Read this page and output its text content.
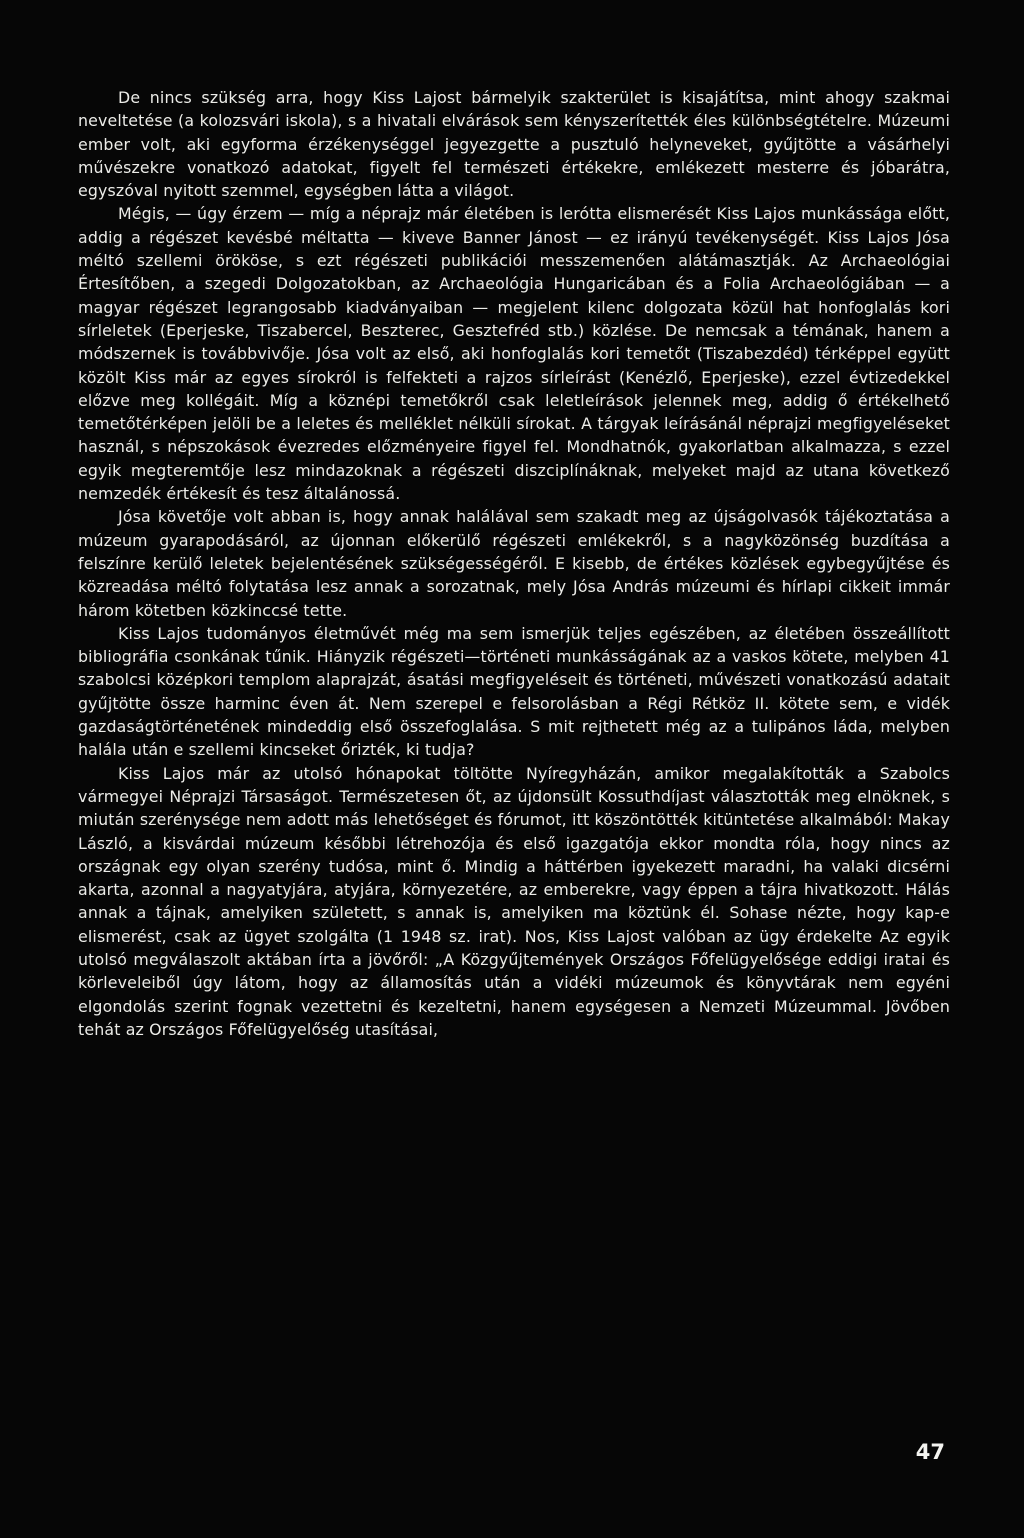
De nincs szükség arra, hogy Kiss Lajost bármelyik szakterület is kisajátítsa, mint ahogy szakmai neveltetése (a kolozsvári iskola), s a hivatali elvárások sem kényszerítették éles különbségtételre. Múzeumi ember volt, aki egyforma érzékenységgel jegyezgette a pusztuló helyneveket, gyűjtötte a vásárhelyi művészekre vonatkozó adatokat, figyelt fel természeti értékekre, emlékezett mesterre és jóbarátra, egyszóval nyitott szemmel, egységben látta a világot.

Mégis, — úgy érzem — míg a néprajz már életében is lerótta elismerését Kiss Lajos munkássága előtt, addig a régészet kevésbé méltatta — kiveve Banner Jánost — ez irányú tevékenységét. Kiss Lajos Jósa méltó szellemi örököse, s ezt régészeti publikációi messzemenően alátámasztják. Az Archaeológiai Értesítőben, a szegedi Dolgozatokban, az Archaeológia Hungaricában és a Folia Archaeológiában — a magyar régészet legrangosabb kiadványaiban — megjelent kilenc dolgozata közül hat honfoglalás kori sírleletek (Eperjeske, Tiszabercel, Beszterec, Gesztefréd stb.) közlése. De nemcsak a témának, hanem a módszernek is továbbvivője. Jósa volt az első, aki honfoglalás kori temetőt (Tiszabezdéd) térképpel együtt közölt Kiss már az egyes sírokról is felfekteti a rajzos sírleírást (Kenézlő, Eperjeske), ezzel évtizedekkel előzve meg kollégáit. Míg a köznépi temetőkről csak leletleírások jelennek meg, addig ő értékelhető temetőtérképen jelöli be a leletes és melléklet nélküli sírokat. A tárgyak leírásánál néprajzi megfigyeléseket használ, s népszokások évezredes előzményeire figyel fel. Mondhatnók, gyakorlatban alkalmazza, s ezzel egyik megteremtője lesz mindazoknak a régészeti diszciplínáknak, melyeket majd az utana következő nemzedék értékesít és tesz általánossá.

Jósa követője volt abban is, hogy annak halálával sem szakadt meg az újságolvasók tájékoztatása a múzeum gyarapodásáról, az újonnan előkerülő régészeti emlékekről, s a nagyközönség buzdítása a felszínre kerülő leletek bejelentésének szükségességéről. E kisebb, de értékes közlések egybegyűjtése és közreadása méltó folytatása lesz annak a sorozatnak, mely Jósa András múzeumi és hírlapi cikkeit immár három kötetben közkinccsé tette.

Kiss Lajos tudományos életművét még ma sem ismerjük teljes egészében, az életében összeállított bibliográfia csonkának tűnik. Hiányzik régészeti—történeti munkásságának az a vaskos kötete, melyben 41 szabolcsi középkori templom alaprajzát, ásatási megfigyeléseit és történeti, művészeti vonatkozású adatait gyűjtötte össze harminc éven át. Nem szerepel e felsorolásban a Régi Rétköz II. kötete sem, e vidék gazdaságtörténetének mindeddig első összefoglalása. S mit rejthetett még az a tulipános láda, melyben halála után e szellemi kincseket őrizték, ki tudja?

Kiss Lajos már az utolsó hónapokat töltötte Nyíregyházán, amikor megalakították a Szabolcs vármegyei Néprajzi Társaságot. Természetesen őt, az újdonsült Kossuthdíjast választották meg elnöknek, s miután szerénysége nem adott más lehetőséget és fórumot, itt köszöntötték kitüntetése alkalmából: Makay László, a kisvárdai múzeum későbbi létrehozója és első igazgatója ekkor mondta róla, hogy nincs az országnak egy olyan szerény tudósa, mint ő. Mindig a háttérben igyekezett maradni, ha valaki dicsérni akarta, azonnal a nagyatyjára, atyjára, környezetére, az emberekre, vagy éppen a tájra hivatkozott. Hálás annak a tájnak, amelyiken született, s annak is, amelyiken ma köztünk él. Sohase nézte, hogy kap-e elismerést, csak az ügyet szolgálta (1 1948 sz. irat). Nos, Kiss Lajost valóban az ügy érdekelte Az egyik utolsó megválaszolt aktában írta a jövőről: „A Közgyűjtemények Országos Főfelügyelősége eddigi iratai és körleveleiből úgy látom, hogy az államosítás után a vidéki múzeumok és könyvtárak nem egyéni elgondolás szerint fognak vezettetni és kezeltetni, hanem egységesen a Nemzeti Múzeummal. Jövőben tehát az Országos Főfelügyelőség utasításai,

47
